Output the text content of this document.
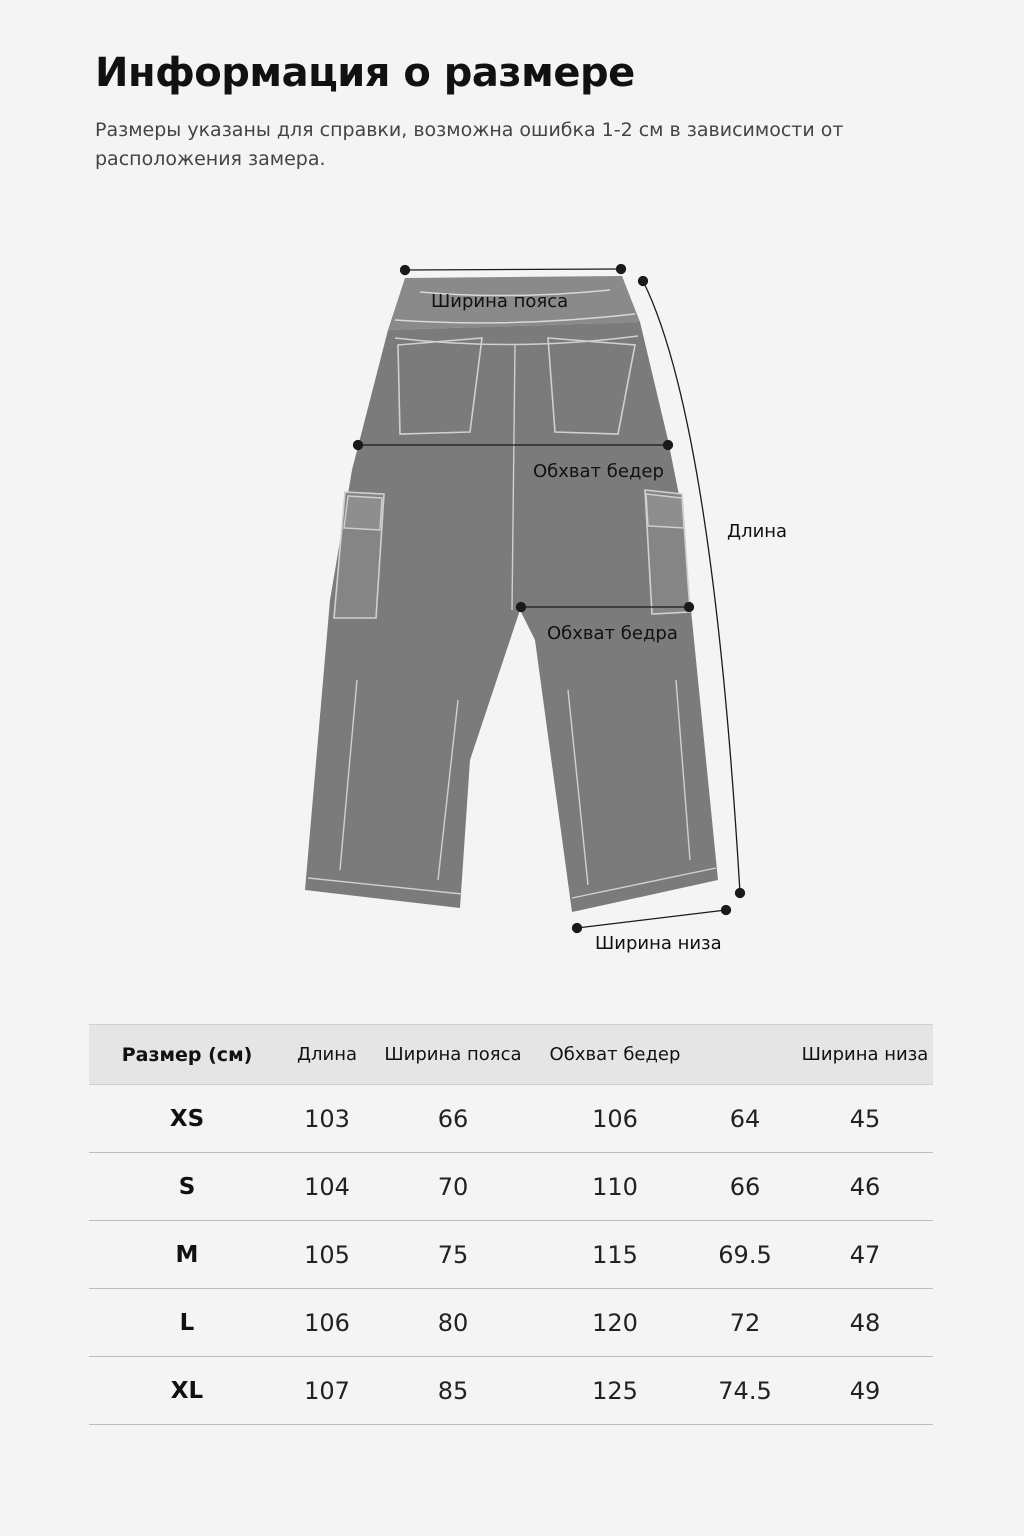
Информация о размере
Размеры указаны для справки, возможна ошибка 1-2 см в зависимости от расположения замера.
Ширина пояса
Обхват бедер
Обхват бедра
Длина
Ширина низа
Размер (см)	Длина	Ширина пояса	Обхват бедер		Ширина низа
XS	103	66	106	64	45
S	104	70	110	66	46
M	105	75	115	69.5	47
L	106	80	120	72	48
XL	107	85	125	74.5	49
